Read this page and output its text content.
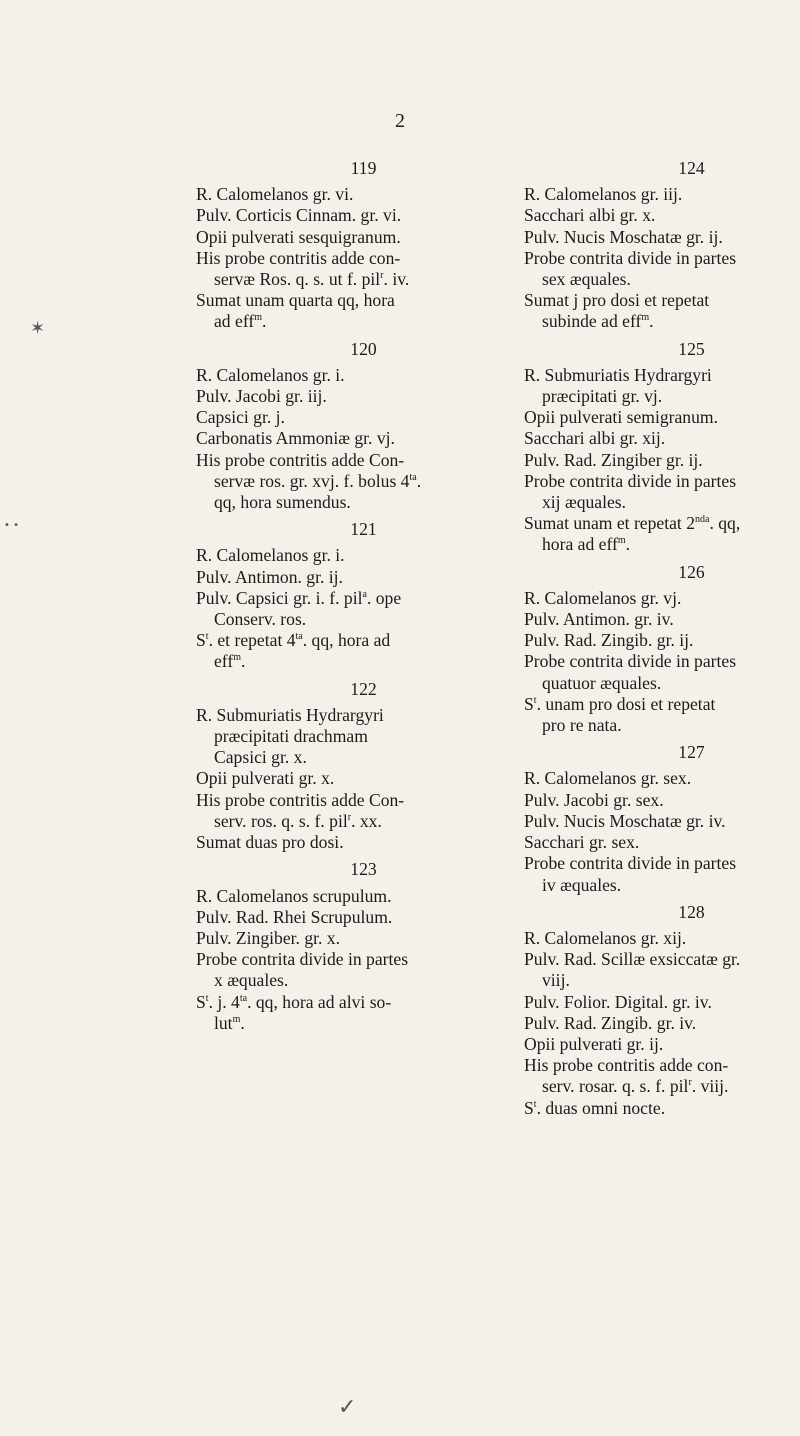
2
119
R. Calomelanos gr. vi.
Pulv. Corticis Cinnam. gr. vi.
Opii pulverati sesquigranum.
His probe contritis adde con-
servæ Ros. q. s. ut f. pil$^r$. iv.
Sumat unam quarta qq, hora
ad eff$^m$.
120
R. Calomelanos gr. i.
Pulv. Jacobi gr. iij.
Capsici gr. j.
Carbonatis Ammoniæ gr. vj.
His probe contritis adde Con-
servæ ros. gr. xvj. f. bolus $4^{ta}$.
qq, hora sumendus.
121
R. Calomelanos gr. i.
Pulv. Antimon. gr. ij.
Pulv. Capsici gr. i. f. pil$^a$. ope
Conserv. ros.
$S^t$. et repetat $4^{ta}$. qq, hora ad
eff$^m$.
122
R. Submuriatis Hydrargyri
præcipitati drachmam
Capsici gr. x.
Opii pulverati gr. x.
His probe contritis adde Con-
serv. ros. q. s. f. pil$^r$. xx.
Sumat duas pro dosi.
123
R. Calomelanos scrupulum.
Pulv. Rad. Rhei Scrupulum.
Pulv. Zingiber. gr. x.
Probe contrita divide in partes
x æquales.
$S^t$. j. $4^{ta}$. qq, hora ad alvi so-
lut$^m$.
124
R. Calomelanos gr. iij.
Sacchari albi gr. x.
Pulv. Nucis Moschatæ gr. ij.
Probe contrita divide in partes
sex æquales.
Sumat j pro dosi et repetat
subinde ad eff$^m$.
125
R. Submuriatis Hydrargyri
præcipitati gr. vj.
Opii pulverati semigranum.
Sacchari albi gr. xij.
Pulv. Rad. Zingiber gr. ij.
Probe contrita divide in partes
xij æquales.
Sumat unam et repetat $2^{nda}$. qq,
hora ad eff$^m$.
126
R. Calomelanos gr. vj.
Pulv. Antimon. gr. iv.
Pulv. Rad. Zingib. gr. ij.
Probe contrita divide in partes
quatuor æquales.
$S^t$. unam pro dosi et repetat
pro re nata.
127
R. Calomelanos gr. sex.
Pulv. Jacobi gr. sex.
Pulv. Nucis Moschatæ gr. iv.
Sacchari gr. sex.
Probe contrita divide in partes
iv æquales.
128
R. Calomelanos gr. xij.
Pulv. Rad. Scillæ exsiccatæ gr.
viij.
Pulv. Folior. Digital. gr. iv.
Pulv. Rad. Zingib. gr. iv.
Opii pulverati gr. ij.
His probe contritis adde con-
serv. rosar. q. s. f. pil$^r$. viij.
$S^t$. duas omni nocte.
✶
• •
✓
